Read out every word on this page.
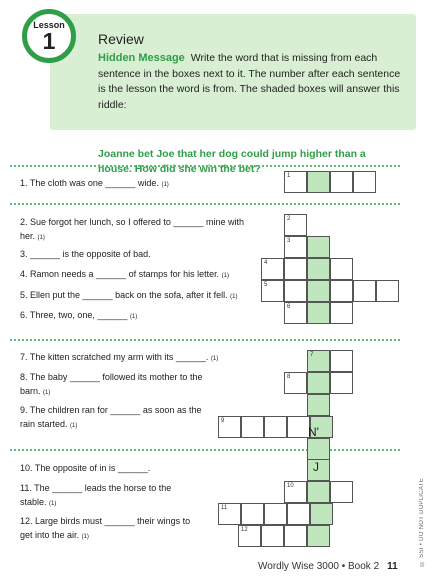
Lesson
1	Review
Hidden Message Write the word that is missing from each sentence in the boxes next to it. The number after each sentence is the lesson the word is from. The shaded boxes will answer this riddle:
Joanne bet Joe that her dog could jump higher than a house. How did she win the bet?
1. The cloth was one ______ wide. (1)
2. Sue forgot her lunch, so I offered to ______ mine with her. (1)
3. ______ is the opposite of bad.
4. Ramon needs a ______ of stamps for his letter. (1)
5. Ellen put the ______ back on the sofa, after it fell. (1)
6. Three, two, one, ______ (1)
7. The kitten scratched my arm with its ______. (1)
8. The baby ______ followed its mother to the barn. (1)
9. The children ran for ______ as soon as the rain started. (1)
10. The opposite of in is ______.
11. The ______ leads the horse to the stable. (1)
12. Large birds must ______ their wings to get into the air. (1)
1
2
3
4
5
6
7
8
9
10
11
12
N'
J
© SSI • DO NOT DUPLICATE
Wordly Wise 3000 • Book 2 11
